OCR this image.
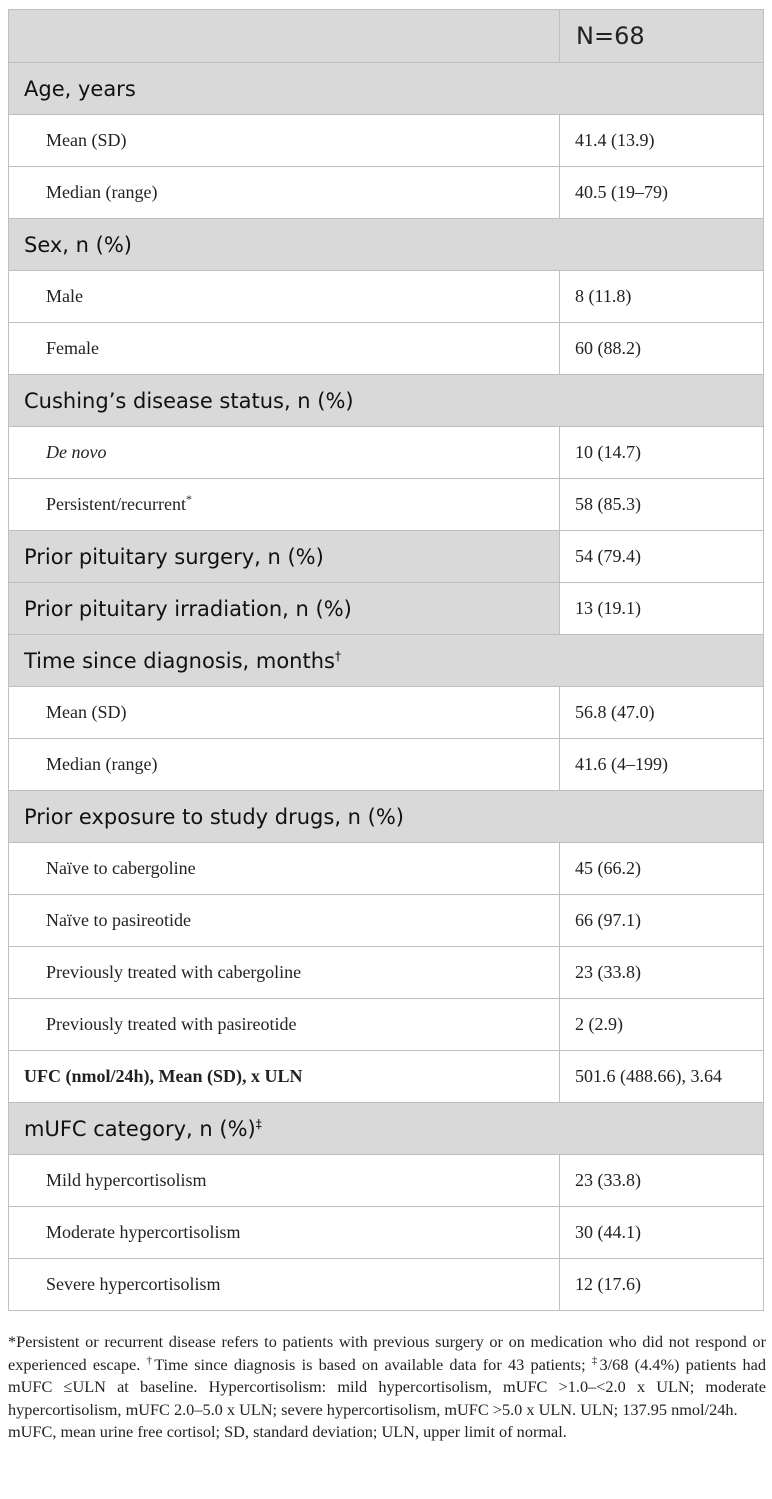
	N=68
Age, years	
Mean (SD)	41.4 (13.9)
Median (range)	40.5 (19–79)
Sex, n (%)	
Male	8 (11.8)
Female	60 (88.2)
Cushing’s disease status, n (%)	
De novo	10 (14.7)
Persistent/recurrent*	58 (85.3)
Prior pituitary surgery, n (%)	54 (79.4)
Prior pituitary irradiation, n (%)	13 (19.1)
Time since diagnosis, months†
Mean (SD)	56.8 (47.0)
Median (range)	41.6 (4–199)
Prior exposure to study drugs, n (%)	
Naïve to cabergoline	45 (66.2)
Naïve to pasireotide	66 (97.1)
Previously treated with cabergoline	23 (33.8)
Previously treated with pasireotide	2 (2.9)
UFC (nmol/24h), Mean (SD), x ULN	501.6 (488.66), 3.64
mUFC category, n (%)‡
Mild hypercortisolism	23 (33.8)
Moderate hypercortisolism	30 (44.1)
Severe hypercortisolism	12 (17.6)

*Persistent or recurrent disease refers to patients with previous surgery or on medication who did not respond or experienced escape. †Time since diagnosis is based on available data for 43 patients; ‡3/68 (4.4%) patients had mUFC ≤ULN at baseline. Hypercortisolism: mild hypercortisolism, mUFC >1.0–<2.0 x ULN; moderate hypercortisolism, mUFC 2.0–5.0 x ULN; severe hypercortisolism, mUFC >5.0 x ULN. ULN; 137.95 nmol/24h.

mUFC, mean urine free cortisol; SD, standard deviation; ULN, upper limit of normal.
